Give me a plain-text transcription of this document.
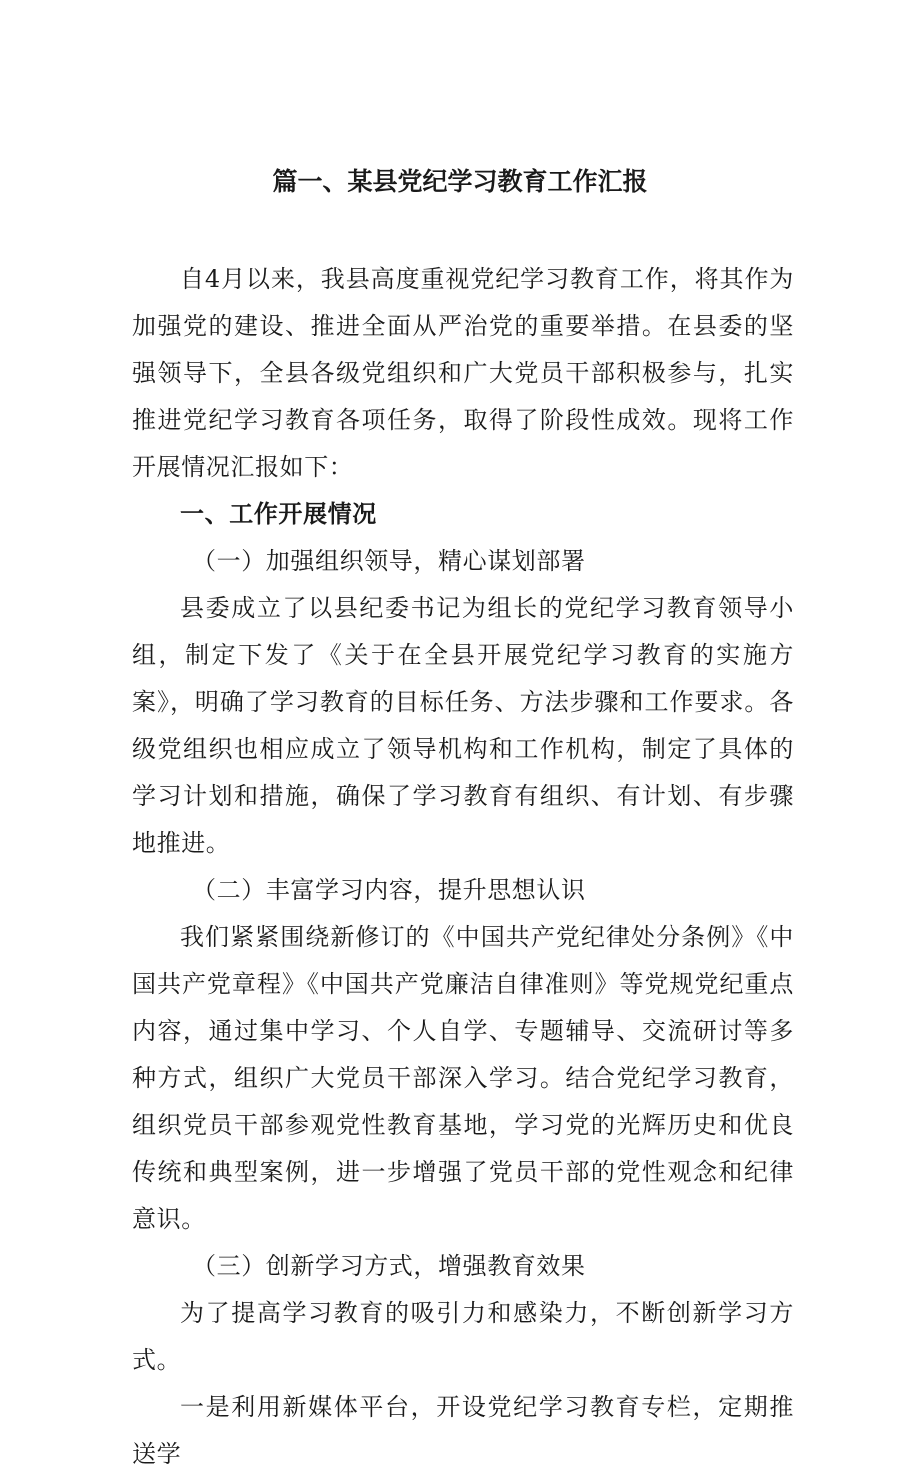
篇一、某县党纪学习教育工作汇报

自4月以来，我县高度重视党纪学习教育工作，将其作为加强党的建设、推进全面从严治党的重要举措。在县委的坚强领导下，全县各级党组织和广大党员干部积极参与，扎实推进党纪学习教育各项任务，取得了阶段性成效。现将工作开展情况汇报如下：

一、工作开展情况

（一）加强组织领导，精心谋划部署

县委成立了以县纪委书记为组长的党纪学习教育领导小组，制定下发了《关于在全县开展党纪学习教育的实施方案》，明确了学习教育的目标任务、方法步骤和工作要求。各级党组织也相应成立了领导机构和工作机构，制定了具体的学习计划和措施，确保了学习教育有组织、有计划、有步骤地推进。

（二）丰富学习内容，提升思想认识

我们紧紧围绕新修订的《中国共产党纪律处分条例》《中国共产党章程》《中国共产党廉洁自律准则》等党规党纪重点内容，通过集中学习、个人自学、专题辅导、交流研讨等多种方式，组织广大党员干部深入学习。结合党纪学习教育，组织党员干部参观党性教育基地，学习党的光辉历史和优良传统和典型案例，进一步增强了党员干部的党性观念和纪律意识。

（三）创新学习方式，增强教育效果

为了提高学习教育的吸引力和感染力，不断创新学习方式。

一是利用新媒体平台，开设党纪学习教育专栏，定期推送学
